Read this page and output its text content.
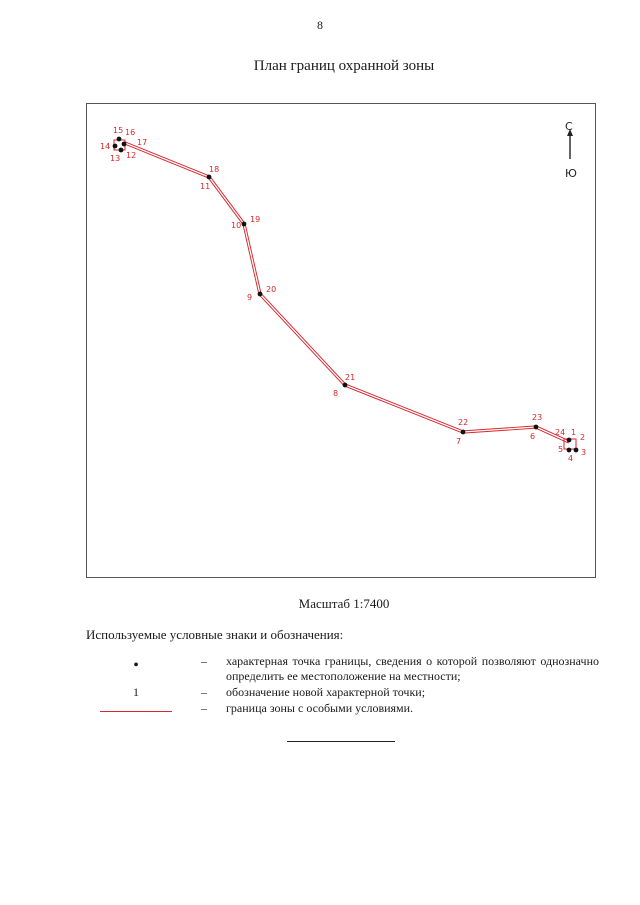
8
План границ охранной зоны
1
2
3
4
5
6
7
8
9
10
11
12
13
14
15 16
17
18
19
20
21
22
23
24
С
Ю
Масштаб 1:7400
Используемые условные знаки и обозначения:
•	– характерная точка границы, сведения о которой позволяют однозначно определить ее местоположение на местности;
1	– обозначение новой характерной точки;
– граница зоны с особыми условиями.
